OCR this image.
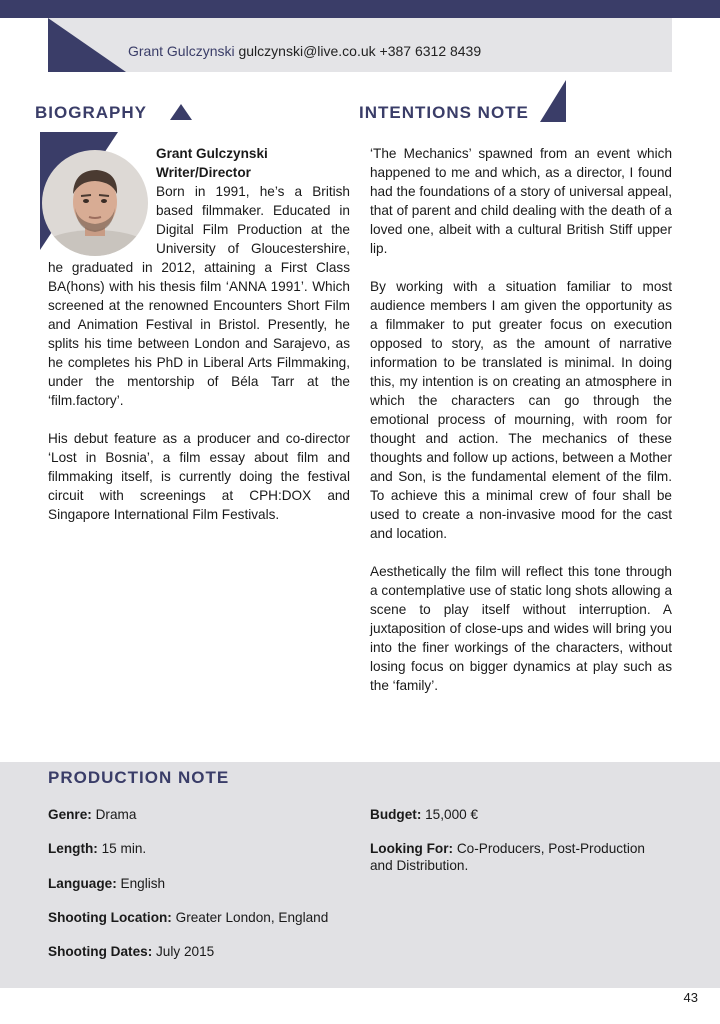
Grant Gulczynski gulczynski@live.co.uk +387 6312 8439
BIOGRAPHY	INTENTIONS NOTE
Grant Gulczynski
Writer/Director

Born in 1991, he’s a British based filmmaker. Educated in Digital Film Production at the University of Gloucestershire, he graduated in 2012, attaining a First Class BA(hons) with his thesis film ‘ANNA 1991’. Which screened at the renowned Encounters Short Film and Animation Festival in Bristol. Presently, he splits his time between London and Sarajevo, as he completes his PhD in Liberal Arts Filmmaking, under the mentorship of Béla Tarr at the ‘film.factory’.

His debut feature as a producer and co-director ‘Lost in Bosnia’, a film essay about film and filmmaking itself, is currently doing the festival circuit with screenings at CPH:DOX and Singapore International Film Festivals.

‘The Mechanics’ spawned from an event which happened to me and which, as a director, I found had the foundations of a story of universal appeal, that of parent and child dealing with the death of a loved one, albeit with a cultural British Stiff upper lip.

By working with a situation familiar to most audience members I am given the opportunity as a filmmaker to put greater focus on execution opposed to story, as the amount of narrative information to be translated is minimal. In doing this, my intention is on creating an atmosphere in which the characters can go through the emotional process of mourning, with room for thought and action. The mechanics of these thoughts and follow up actions, between a Mother and Son, is the fundamental element of the film. To achieve this a minimal crew of four shall be used to create a non-invasive mood for the cast and location.

Aesthetically the film will reflect this tone through a contemplative use of static long shots allowing a scene to play itself without interruption. A juxtaposition of close-ups and wides will bring you into the finer workings of the characters, without losing focus on bigger dynamics at play such as the ‘family’.

PRODUCTION NOTE
Genre: Drama
Length: 15 min.
Language: English
Shooting Location: Greater London, England
Shooting Dates: July 2015
Budget: 15,000 €
Looking For: Co-Producers, Post-Production and Distribution.
43
